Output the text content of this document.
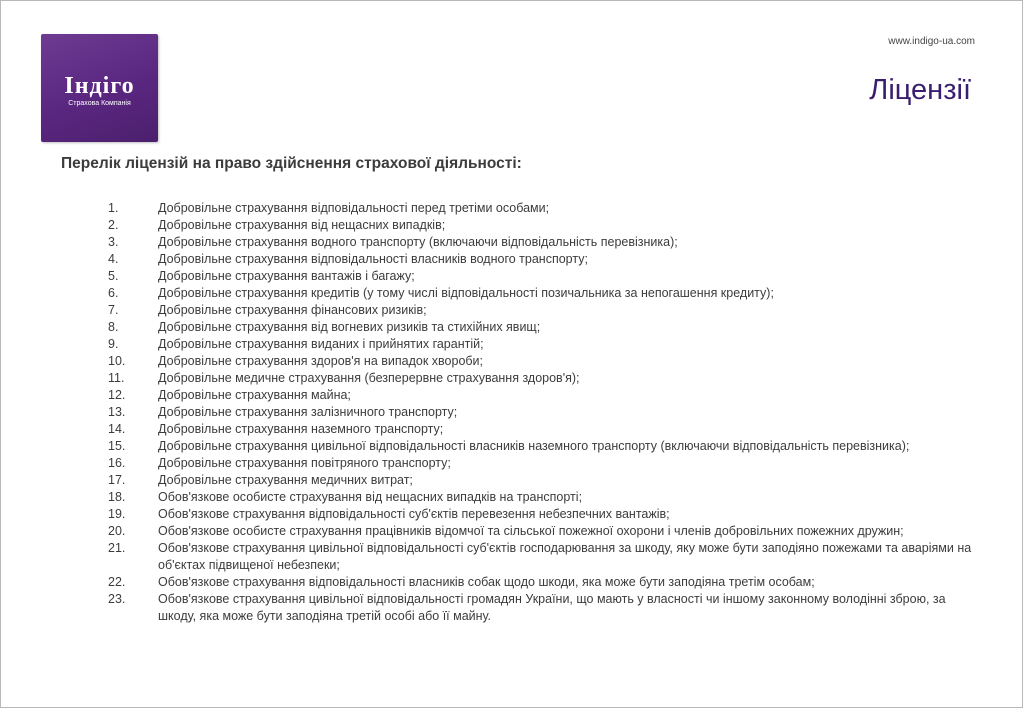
Індіго
Страхова Компанія
www.indigo-ua.com
Ліцензії
Перелік ліцензій на право здійснення страхової діяльності:
1.	Добровільне страхування відповідальності перед третіми особами;
2.	Добровільне страхування від нещасних випадків;
3.	Добровільне страхування водного транспорту (включаючи відповідальність перевізника);
4.	Добровільне страхування відповідальності власників водного транспорту;
5.	Добровільне страхування вантажів і багажу;
6.	Добровільне страхування кредитів (у тому числі відповідальності позичальника за непогашення кредиту);
7.	Добровільне страхування фінансових ризиків;
8.	Добровільне страхування від вогневих ризиків та стихійних явищ;
9.	Добровільне страхування виданих і прийнятих гарантій;
10.	Добровільне страхування здоров'я на випадок хвороби;
11.	Добровільне медичне страхування (безперервне страхування здоров'я);
12.	Добровільне страхування майна;
13.	Добровільне страхування залізничного транспорту;
14.	Добровільне страхування наземного транспорту;
15.	Добровільне страхування цивільної відповідальності власників наземного транспорту (включаючи відповідальність перевізника);
16.	Добровільне страхування повітряного транспорту;
17.	Добровільне страхування медичних витрат;
18.	Обов'язкове особисте страхування від нещасних випадків на транспорті;
19.	Обов'язкове страхування відповідальності суб'єктів перевезення небезпечних вантажів;
20.	Обов'язкове особисте страхування працівників відомчої та сільської пожежної охорони і членів добровільних пожежних дружин;
21.	Обов'язкове страхування цивільної відповідальності суб'єктів господарювання за шкоду, яку може бути заподіяно пожежами та аваріями на об'єктах підвищеної небезпеки;
22.	Обов'язкове страхування відповідальності власників собак щодо шкоди, яка може бути заподіяна третім особам;
23.	Обов'язкове страхування цивільної відповідальності громадян України, що мають у власності чи іншому законному володінні зброю, за шкоду, яка може бути заподіяна третій особі або її майну.
